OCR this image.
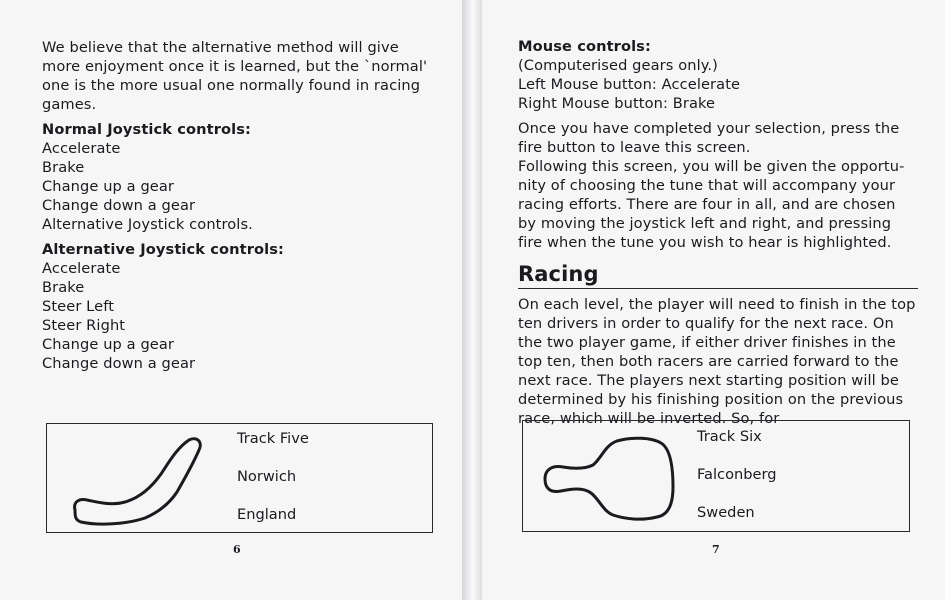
We believe that the alternative method will give more enjoyment once it is learned, but the `normal' one is the more usual one normally found in racing games.

Normal Joystick controls:

Accelerate

Brake

Change up a gear

Change down a gear

Alternative Joystick controls.

Alternative Joystick controls:

Accelerate

Brake

Steer Left

Steer Right

Change up a gear

Change down a gear

Track Five
Norwich
England
6
Mouse controls:

(Computerised gears only.)

Left Mouse button: Accelerate

Right Mouse button: Brake

Once you have completed your selection, press the fire button to leave this screen.

Following this screen, you will be given the opportu-nity of choosing the tune that will accompany your racing efforts. There are four in all, and are chosen by moving the joystick left and right, and pressing fire when the tune you wish to hear is highlighted.

Racing

On each level, the player will need to finish in the top ten drivers in order to qualify for the next race. On the two player game, if either driver finishes in the top ten, then both racers are carried forward to the next race. The players next starting position will be determined by his finishing position on the previous race, which will be inverted. So, for

Track Six
Falconberg
Sweden
7
